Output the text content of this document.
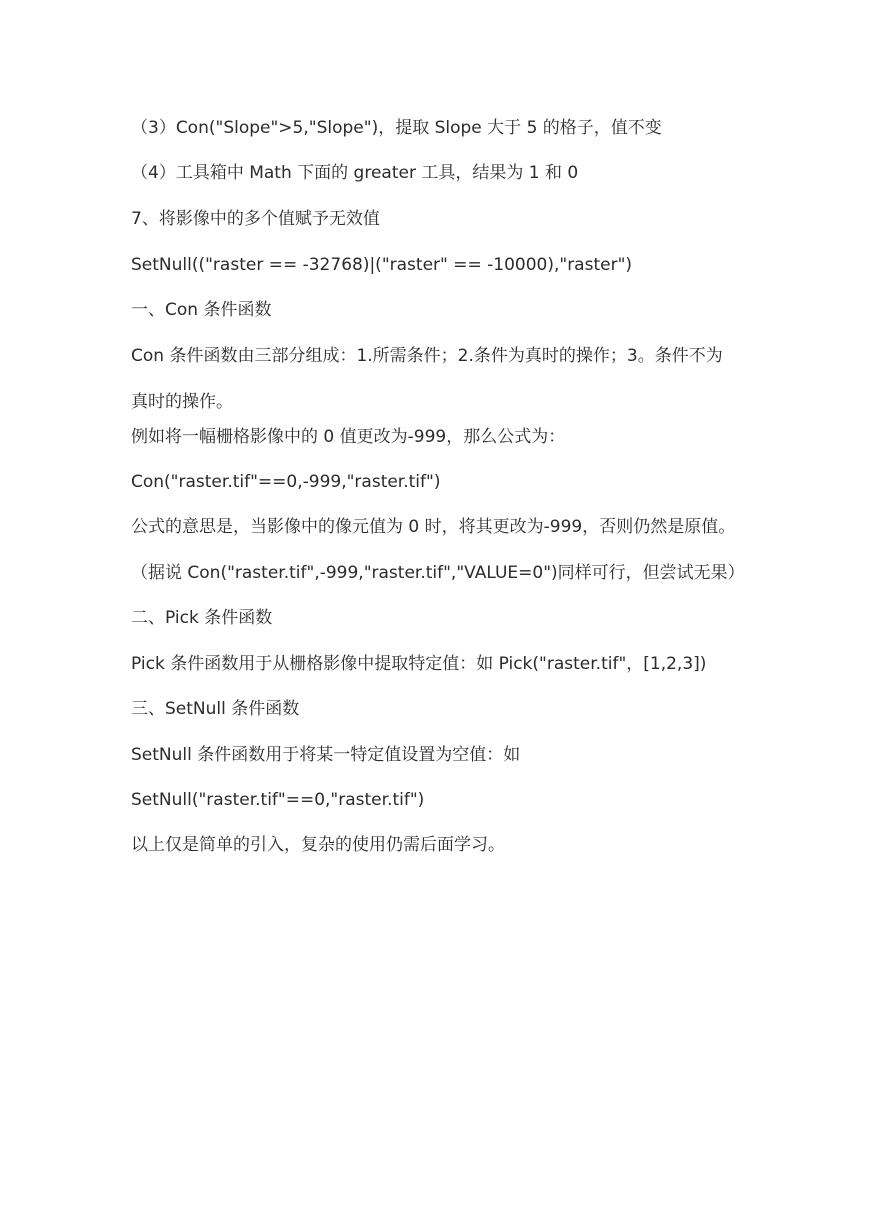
（3）Con("Slope">5,"Slope")，提取 Slope 大于 5 的格子，值不变
（4）工具箱中 Math 下面的 greater 工具，结果为 1 和 0
7、将影像中的多个值赋予无效值
SetNull(("raster == -32768)|("raster" == -10000),"raster")
一、Con 条件函数
Con 条件函数由三部分组成：1.所需条件；2.条件为真时的操作；3。条件不为
真时的操作。
例如将一幅栅格影像中的 0 值更改为-999，那么公式为：
Con("raster.tif"==0,-999,"raster.tif")
公式的意思是，当影像中的像元值为 0 时，将其更改为-999，否则仍然是原值。
（据说 Con("raster.tif",-999,"raster.tif","VALUE=0")同样可行，但尝试无果）
二、Pick 条件函数
Pick 条件函数用于从栅格影像中提取特定值：如 Pick("raster.tif"，[1,2,3])
三、SetNull 条件函数
SetNull 条件函数用于将某一特定值设置为空值：如
SetNull("raster.tif"==0,"raster.tif")
以上仅是简单的引入，复杂的使用仍需后面学习。
